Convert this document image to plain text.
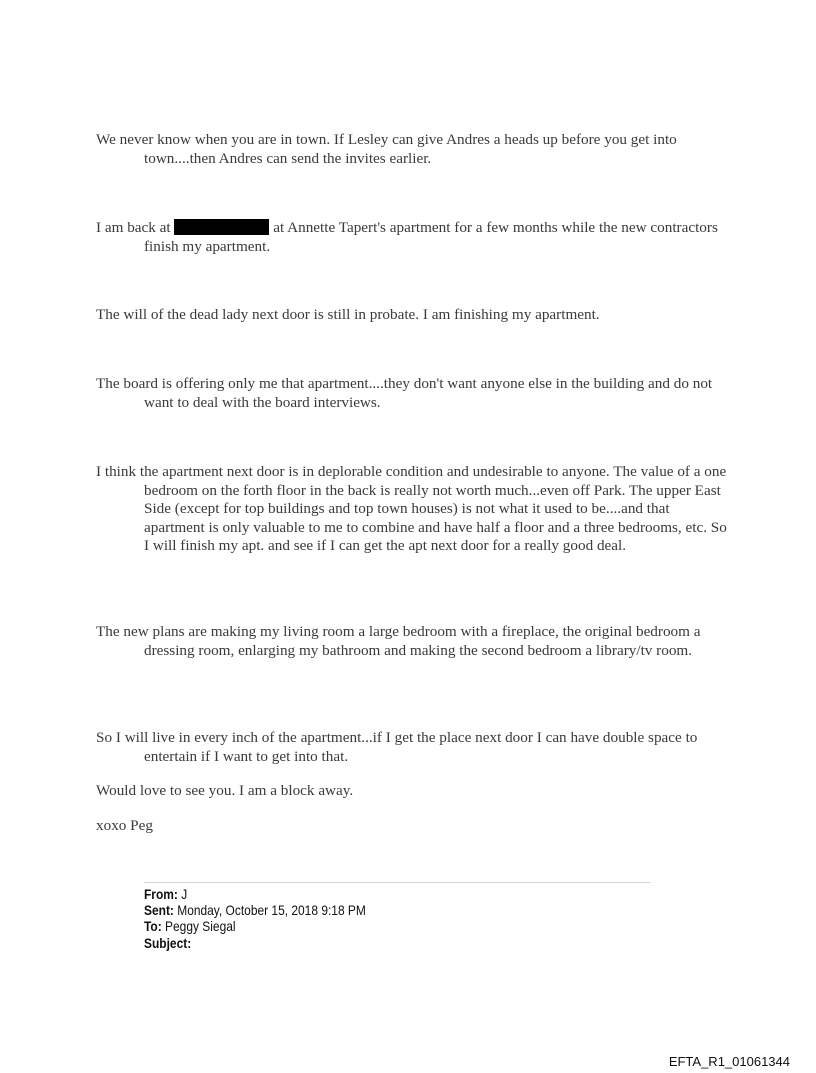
We never know when you are in town. If Lesley can give Andres a heads up before you get into town....then Andres can send the invites earlier.

I am back at	at Annette Tapert's apartment for a few months while the new contractors finish my apartment.

The will of the dead lady next door is still in probate. I am finishing my apartment.

The board is offering only me that apartment....they don't want anyone else in the building and do not want to deal with the board interviews.

I think the apartment next door is in deplorable condition and undesirable to anyone. The value of a one bedroom on the forth floor in the back is really not worth much...even off Park. The upper East Side (except for top buildings and top town houses) is not what it used to be....and that apartment is only valuable to me to combine and have half a floor and a three bedrooms, etc. So I will finish my apt. and see if I can get the apt next door for a really good deal.

The new plans are making my living room a large bedroom with a fireplace, the original bedroom a dressing room, enlarging my bathroom and making the second bedroom a library/tv room.

So I will live in every inch of the apartment...if I get the place next door I can have double space to entertain if I want to get into that.

Would love to see you. I am a block away.

xoxo Peg

From: J
Sent: Monday, October 15, 2018 9:18 PM
To: Peggy Siegal
Subject:
EFTA_R1_01061344
